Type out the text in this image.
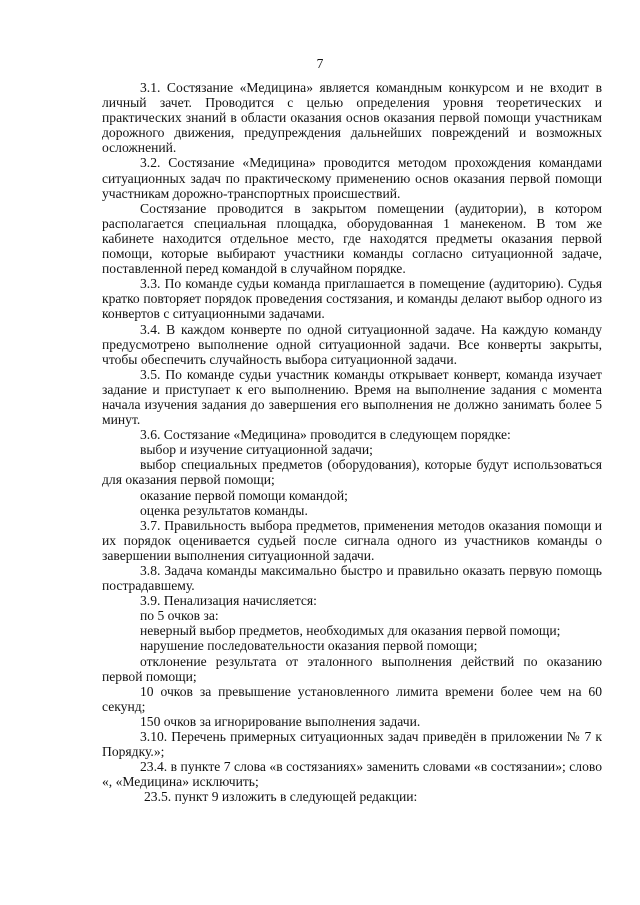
7

3.1. Состязание «Медицина» является командным конкурсом и не входит в личный зачет. Проводится с целью определения уровня теоретических и практических знаний в области оказания основ оказания первой помощи участникам дорожного движения, предупреждения дальнейших повреждений и возможных осложнений.

3.2. Состязание «Медицина» проводится методом прохождения командами ситуационных задач по практическому применению основ оказания первой помощи участникам дорожно-транспортных происшествий.

Состязание проводится в закрытом помещении (аудитории), в котором располагается специальная площадка, оборудованная 1 манекеном. В том же кабинете находится отдельное место, где находятся предметы оказания первой помощи, которые выбирают участники команды согласно ситуационной задаче, поставленной перед командой в случайном порядке.

3.3. По команде судьи команда приглашается в помещение (аудиторию). Судья кратко повторяет порядок проведения состязания, и команды делают выбор одного из конвертов с ситуационными задачами.

3.4. В каждом конверте по одной ситуационной задаче. На каждую команду предусмотрено выполнение одной ситуационной задачи. Все конверты закрыты, чтобы обеспечить случайность выбора ситуационной задачи.

3.5. По команде судьи участник команды открывает конверт, команда изучает задание и приступает к его выполнению. Время на выполнение задания с момента начала изучения задания до завершения его выполнения не должно занимать более 5 минут.

3.6. Состязание «Медицина» проводится в следующем порядке:

выбор и изучение ситуационной задачи;

выбор специальных предметов (оборудования), которые будут использоваться для оказания первой помощи;

оказание первой помощи командой;

оценка результатов команды.

3.7. Правильность выбора предметов, применения методов оказания помощи и их порядок оценивается судьей после сигнала одного из участников команды о завершении выполнения ситуационной задачи.

3.8. Задача команды максимально быстро и правильно оказать первую помощь пострадавшему.

3.9. Пенализация начисляется:

по 5 очков за:

неверный выбор предметов, необходимых для оказания первой помощи;

нарушение последовательности оказания первой помощи;

отклонение результата от эталонного выполнения действий по оказанию первой помощи;

10 очков за превышение установленного лимита времени более чем на 60 секунд;

150 очков за игнорирование выполнения задачи.

3.10. Перечень примерных ситуационных задач приведён в приложении № 7 к Порядку.»;

23.4. в пункте 7 слова «в состязаниях» заменить словами «в состязании»; слово «, «Медицина» исключить;

23.5. пункт 9 изложить в следующей редакции:
